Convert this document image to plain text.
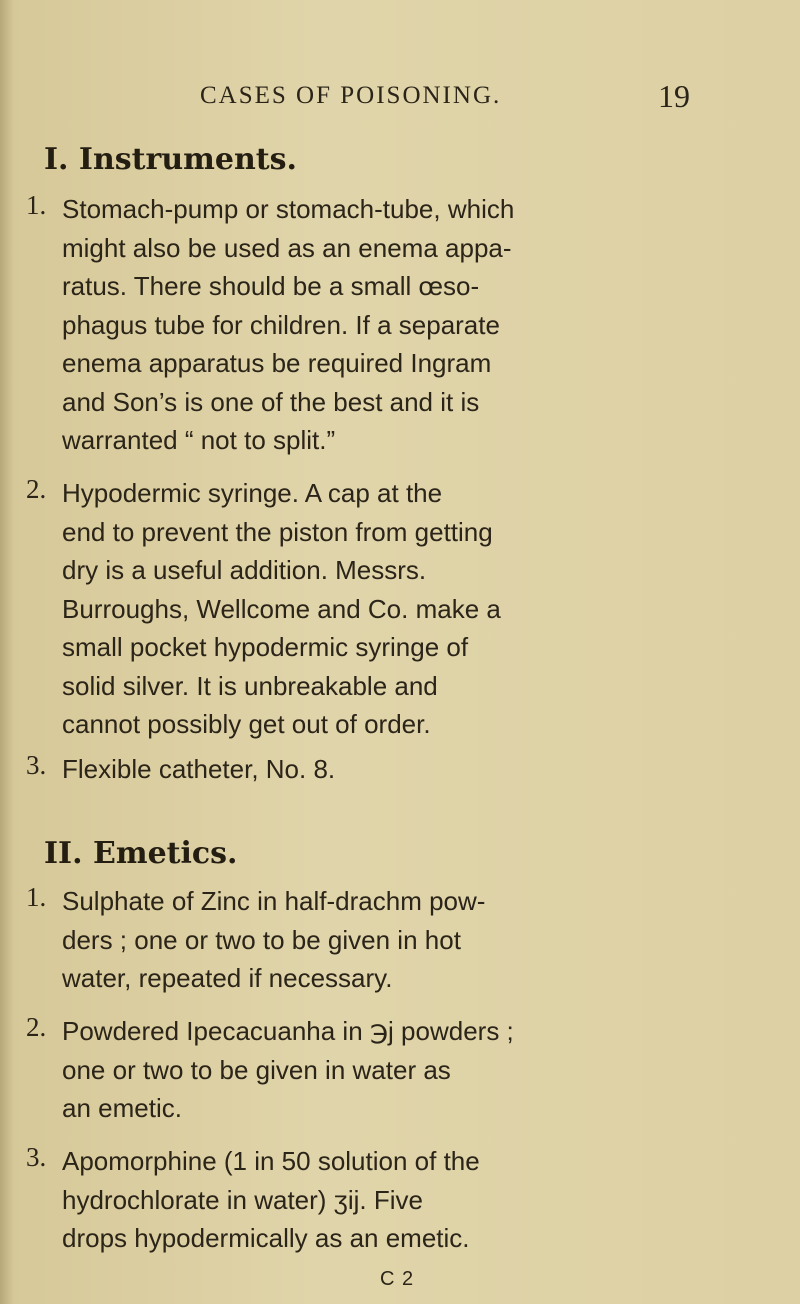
CASES OF POISONING.	19
I. Instruments.
1. Stomach-pump or stomach-tube, which
might also be used as an enema appa-
ratus. There should be a small œso-
phagus tube for children. If a separate
enema apparatus be required Ingram
and Son’s is one of the best and it is
warranted “ not to split.”
2. Hypodermic syringe. A cap at the
end to prevent the piston from getting
dry is a useful addition. Messrs.
Burroughs, Wellcome and Co. make a
small pocket hypodermic syringe of
solid silver. It is unbreakable and
cannot possibly get out of order.
3. Flexible catheter, No. 8.
II. Emetics.
1. Sulphate of Zinc in half-drachm pow-
ders ; one or two to be given in hot
water, repeated if necessary.
2. Powdered Ipecacuanha in ℈j powders ;
one or two to be given in water as
an emetic.
3. Apomorphine (1 in 50 solution of the
hydrochlorate in water) ʒij. Five
drops hypodermically as an emetic.
C 2
